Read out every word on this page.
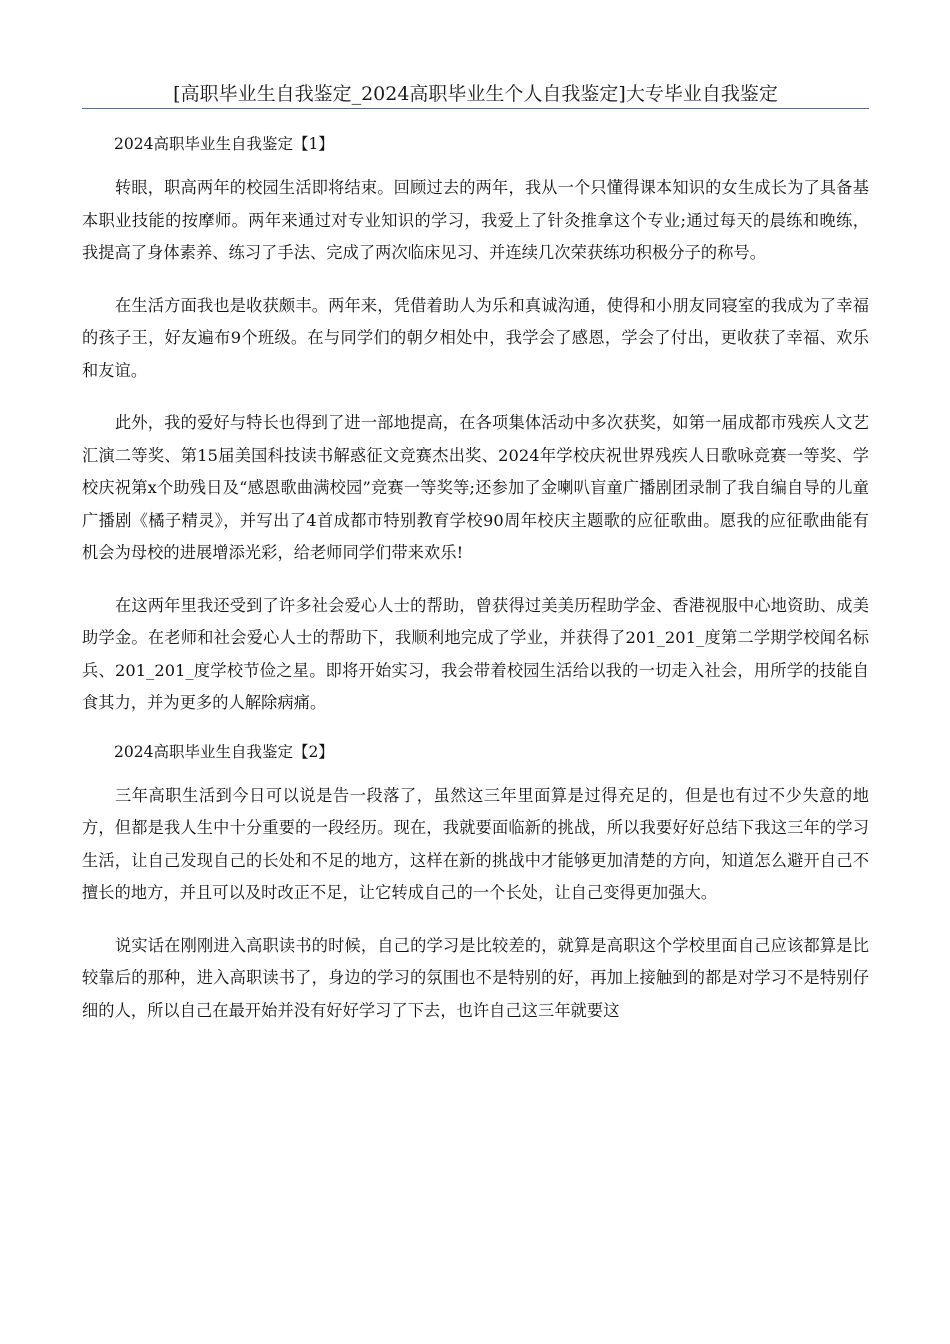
[高职毕业生自我鉴定_2024高职毕业生个人自我鉴定]大专毕业自我鉴定
2024高职毕业生自我鉴定【1】

转眼，职高两年的校园生活即将结束。回顾过去的两年，我从一个只懂得课本知识的女生成长为了具备基本职业技能的按摩师。两年来通过对专业知识的学习，我爱上了针灸推拿这个专业;通过每天的晨练和晚练，我提高了身体素养、练习了手法、完成了两次临床见习、并连续几次荣获练功积极分子的称号。

在生活方面我也是收获颇丰。两年来，凭借着助人为乐和真诚沟通，使得和小朋友同寝室的我成为了幸福的孩子王，好友遍布9个班级。在与同学们的朝夕相处中，我学会了感恩，学会了付出，更收获了幸福、欢乐和友谊。

此外，我的爱好与特长也得到了进一部地提高，在各项集体活动中多次获奖，如第一届成都市残疾人文艺汇演二等奖、第15届美国科技读书解惑征文竞赛杰出奖、2024年学校庆祝世界残疾人日歌咏竞赛一等奖、学校庆祝第x个助残日及“感恩歌曲满校园”竞赛一等奖等;还参加了金喇叭盲童广播剧团录制了我自编自导的儿童广播剧《橘子精灵》，并写出了4首成都市特别教育学校90周年校庆主题歌的应征歌曲。愿我的应征歌曲能有机会为母校的进展增添光彩，给老师同学们带来欢乐!

在这两年里我还受到了许多社会爱心人士的帮助，曾获得过美美历程助学金、香港视服中心地资助、成美助学金。在老师和社会爱心人士的帮助下，我顺利地完成了学业，并获得了201_201_度第二学期学校闻名标兵、201_201_度学校节俭之星。即将开始实习，我会带着校园生活给以我的一切走入社会，用所学的技能自食其力，并为更多的人解除病痛。

2024高职毕业生自我鉴定【2】

三年高职生活到今日可以说是告一段落了，虽然这三年里面算是过得充足的，但是也有过不少失意的地方，但都是我人生中十分重要的一段经历。现在，我就要面临新的挑战，所以我要好好总结下我这三年的学习生活，让自己发现自己的长处和不足的地方，这样在新的挑战中才能够更加清楚的方向，知道怎么避开自己不擅长的地方，并且可以及时改正不足，让它转成自己的一个长处，让自己变得更加强大。

说实话在刚刚进入高职读书的时候，自己的学习是比较差的，就算是高职这个学校里面自己应该都算是比较靠后的那种，进入高职读书了，身边的学习的氛围也不是特别的好，再加上接触到的都是对学习不是特别仔细的人，所以自己在最开始并没有好好学习了下去，也许自己这三年就要这
